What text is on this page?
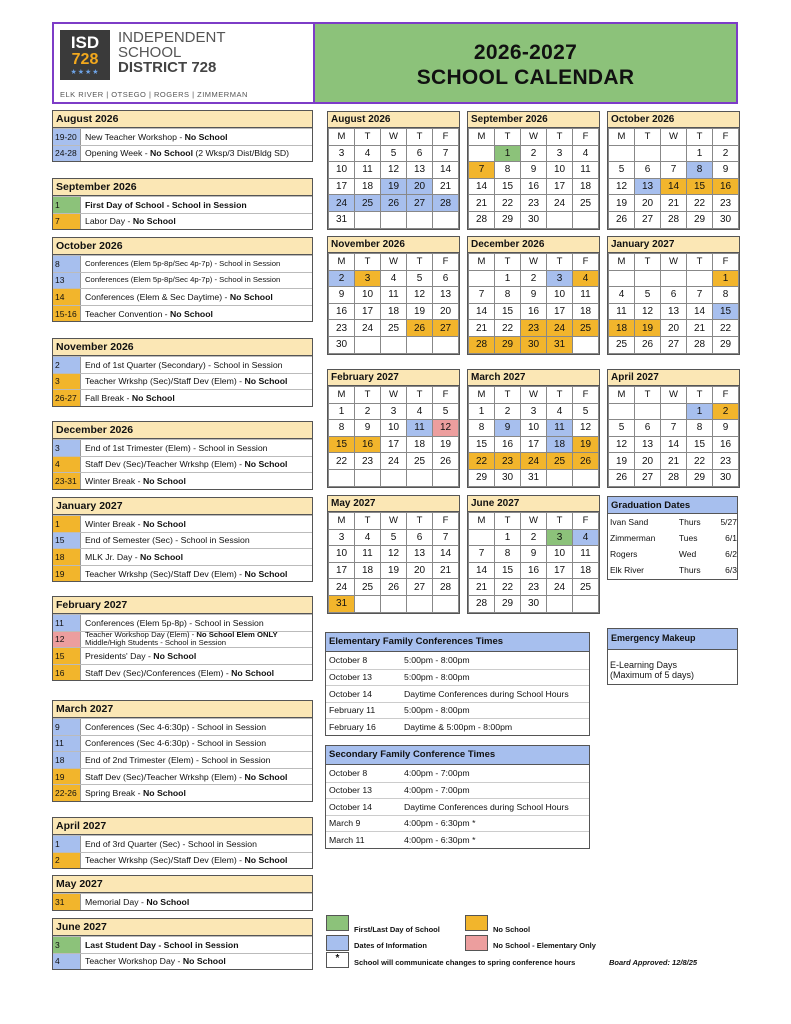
ISD
728
★★★★
INDEPENDENT
SCHOOL
DISTRICT 728
ELK RIVER | OTSEGO | ROGERS | ZIMMERMAN
2026-2027
SCHOOL CALENDAR
August 2026
19-20 New Teacher Workshop - No School
24-28 Opening Week - No School (2 Wksp/3 Dist/Bldg SD)
September 2026
1	First Day of School - School in Session
7	Labor Day - No School
October 2026
8	Conferences (Elem 5p-8p/Sec 4p-7p) - School in Session
13	Conferences (Elem 5p-8p/Sec 4p-7p) - School in Session
14	Conferences (Elem & Sec Daytime) - No School
15-16 Teacher Convention - No School
November 2026
2	End of 1st Quarter (Secondary) - School in Session
3	Teacher Wrkshp (Sec)/Staff Dev (Elem) - No School
26-27 Fall Break - No School
December 2026
3	End of 1st Trimester (Elem) - School in Session
4	Staff Dev (Sec)/Teacher Wrkshp (Elem) - No School
23-31 Winter Break - No School
January 2027
1	Winter Break - No School
15	End of Semester (Sec) - School in Session
18	MLK Jr. Day - No School
19	Teacher Wrkshp (Sec)/Staff Dev (Elem) - No School
February 2027
11	Conferences (Elem 5p-8p) - School in Session
12	Teacher Workshop Day (Elem) - No School Elem ONLY
Middle/High Students - School in Session
15	Presidents' Day - No School
16	Staff Dev (Sec)/Conferences (Elem) - No School
March 2027
9	Conferences (Sec 4-6:30p) - School in Session
11	Conferences (Sec 4-6:30p) - School in Session
18	End of 2nd Trimester (Elem) - School in Session
19	Staff Dev (Sec)/Teacher Wrkshp (Elem) - No School
22-26 Spring Break - No School
April 2027
1	End of 3rd Quarter (Sec) - School in Session
2	Teacher Wrkshp (Sec)/Staff Dev (Elem) - No School
May 2027
31	Memorial Day - No School
June 2027
3	Last Student Day - School in Session
4	Teacher Workshop Day - No School
August 2026
M	T	W	T	F
3	4	5	6	7
10	11	12	13	14
17	18	19	20	21
24	25	26	27	28
31				
September 2026
M	T	W	T	F
	1	2	3	4
7	8	9	10	11
14	15	16	17	18
21	22	23	24	25
28	29	30		
October 2026
M	T	W	T	F
			1	2
5	6	7	8	9
12	13	14	15	16
19	20	21	22	23
26	27	28	29	30
November 2026
M	T	W	T	F
2	3	4	5	6
9	10	11	12	13
16	17	18	19	20
23	24	25	26	27
30				
December 2026
M	T	W	T	F
	1	2	3	4
7	8	9	10	11
14	15	16	17	18
21	22	23	24	25
28	29	30	31	
January 2027
M	T	W	T	F
				1
4	5	6	7	8
11	12	13	14	15
18	19	20	21	22
25	26	27	28	29
February 2027
M	T	W	T	F
1	2	3	4	5
8	9	10	11	12
15	16	17	18	19
22	23	24	25	26

March 2027
M	T	W	T	F
1	2	3	4	5
8	9	10	11	12
15	16	17	18	19
22	23	24	25	26
29	30	31		
April 2027
M	T	W	T	F
			1	2
5	6	7	8	9
12	13	14	15	16
19	20	21	22	23
26	27	28	29	30
May 2027
M	T	W	T	F
3	4	5	6	7
10	11	12	13	14
17	18	19	20	21
24	25	26	27	28
31				
June 2027
M	T	W	T	F
	1	2	3	4
7	8	9	10	11
14	15	16	17	18
21	22	23	24	25
28	29	30		
Graduation Dates
Ivan Sand	Thurs	5/27
Zimmerman	Tues	6/1
Rogers	Wed	6/2
Elk River	Thurs	6/3
Elementary Family Conferences Times
October 8	5:00pm - 8:00pm
October 13	5:00pm - 8:00pm
October 14	Daytime Conferences during School Hours
February 11	5:00pm - 8:00pm
February 16	Daytime & 5:00pm - 8:00pm
Secondary Family Conference Times
October 8	4:00pm - 7:00pm
October 13	4:00pm - 7:00pm
October 14	Daytime Conferences during School Hours
March 9	4:00pm - 6:30pm *
March 11	4:00pm - 6:30pm *
Emergency Makeup
E-Learning Days
(Maximum of 5 days)
First/Last Day of School
Dates of Information
*	School will communicate changes to spring conference hours
No School
No School - Elementary Only
Board Approved: 12/8/25
